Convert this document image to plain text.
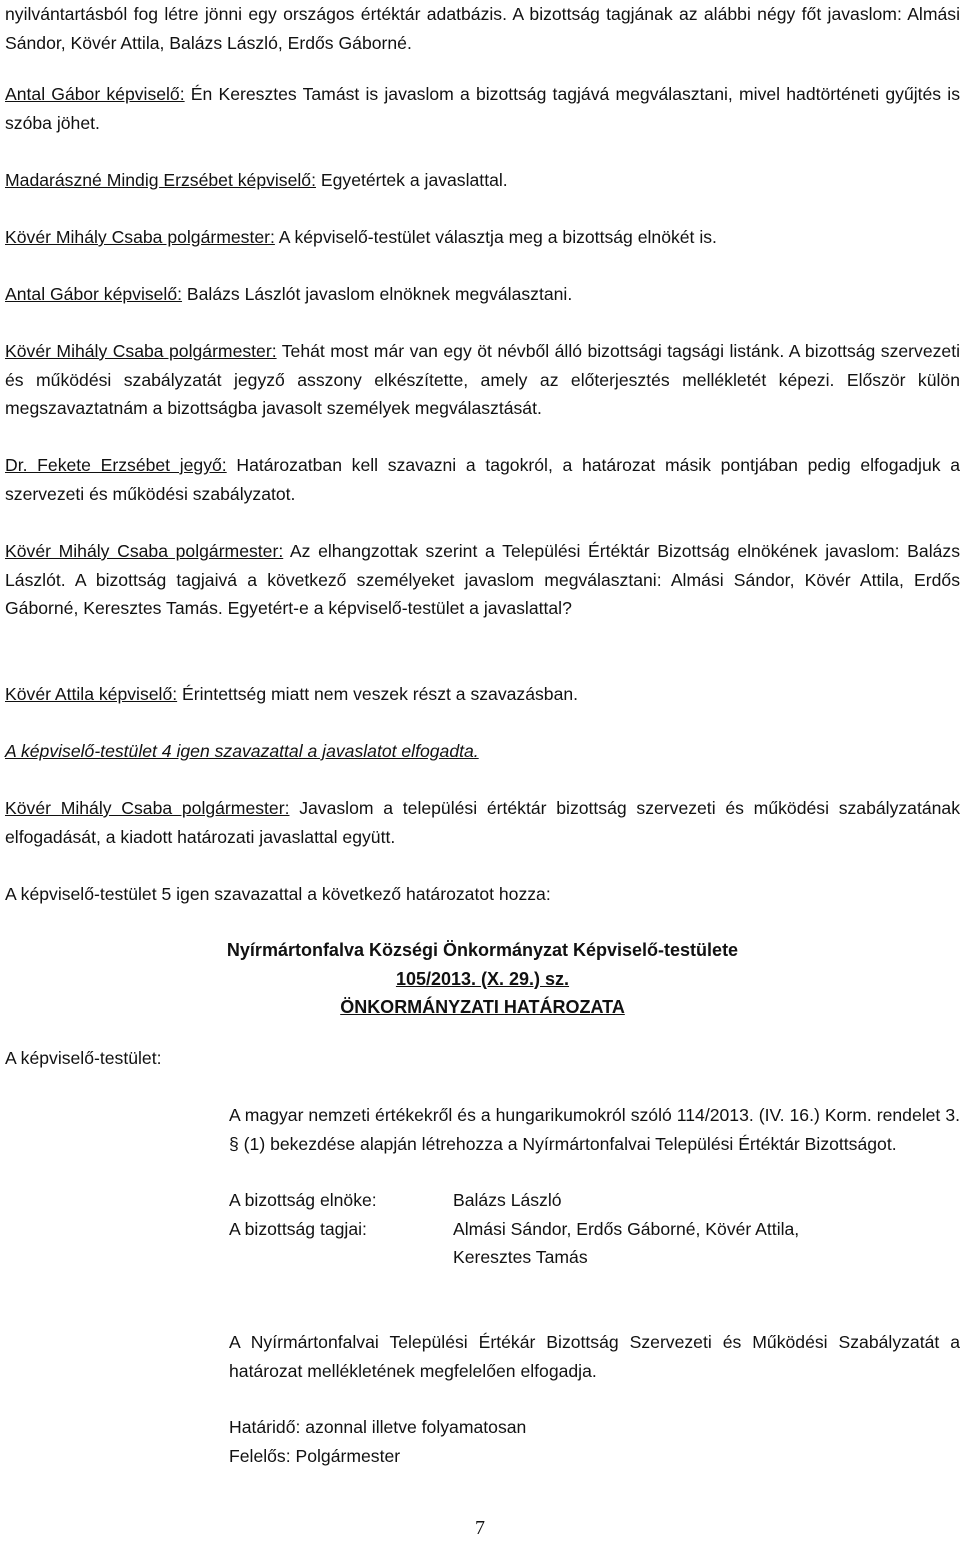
nyilvántartásból fog létre jönni egy országos értéktár adatbázis. A bizottság tagjának az alábbi négy főt javaslom: Almási Sándor, Kövér Attila, Balázs László, Erdős Gáborné.

Antal Gábor képviselő: Én Keresztes Tamást is javaslom a bizottság tagjává megválasztani, mivel hadtörténeti gyűjtés is szóba jöhet.

Madarászné Mindig Erzsébet képviselő: Egyetértek a javaslattal.

Kövér Mihály Csaba polgármester: A képviselő-testület választja meg a bizottság elnökét is.

Antal Gábor képviselő: Balázs Lászlót javaslom elnöknek megválasztani.

Kövér Mihály Csaba polgármester: Tehát most már van egy öt névből álló bizottsági tagsági listánk. A bizottság szervezeti és működési szabályzatát jegyző asszony elkészítette, amely az előterjesztés mellékletét képezi. Először külön megszavaztatnám a bizottságba javasolt személyek megválasztását.

Dr. Fekete Erzsébet jegyő: Határozatban kell szavazni a tagokról, a határozat másik pontjában pedig elfogadjuk a szervezeti és működési szabályzatot.

Kövér Mihály Csaba polgármester: Az elhangzottak szerint a Települési Értéktár Bizottság elnökének javaslom: Balázs Lászlót. A bizottság tagjaivá a következő személyeket javaslom megválasztani: Almási Sándor, Kövér Attila, Erdős Gáborné, Keresztes Tamás. Egyetért-e a képviselő-testület a javaslattal?

Kövér Attila képviselő: Érintettség miatt nem veszek részt a szavazásban.

A képviselő-testület 4 igen szavazattal a javaslatot elfogadta.

Kövér Mihály Csaba polgármester: Javaslom a települési értéktár bizottság szervezeti és működési szabályzatának elfogadását, a kiadott határozati javaslattal együtt.

A képviselő-testület 5 igen szavazattal a következő határozatot hozza:

Nyírmártonfalva Községi Önkormányzat Képviselő-testülete
105/2013. (X. 29.) sz.
ÖNKORMÁNYZATI HATÁROZATA

A képviselő-testület:

A magyar nemzeti értékekről és a hungarikumokról szóló 114/2013. (IV. 16.) Korm. rendelet 3. § (1) bekezdése alapján létrehozza a Nyírmártonfalvai Települési Értéktár Bizottságot.

A bizottság elnöke:	Balázs László
A bizottság tagjai:	Almási Sándor, Erdős Gáborné, Kövér Attila,
Keresztes Tamás

A Nyírmártonfalvai Települési Értékár Bizottság Szervezeti és Működési Szabályzatát a határozat mellékletének megfelelően elfogadja.

Határidő: azonnal illetve folyamatosan

Felelős: Polgármester

7
